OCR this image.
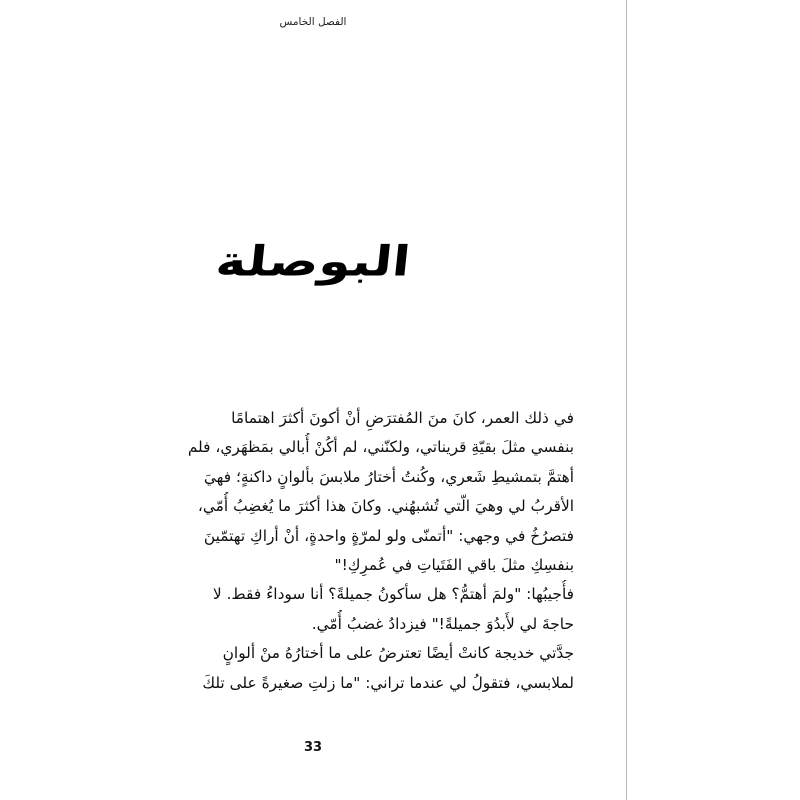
الفصل الخامس
البوصلة
في ذلك العمر، كانَ منَ المُفترَضِ أنْ أكونَ أكثرَ اهتمامًا
بنفسي مثلَ بقيّةِ قريناتي، ولكنّني، لم أكُنْ أُبالي بمَظهَري، فلم
أهتمَّ بتمشيطِ شَعري، وكُنتُ أختارُ ملابسَ بألوانٍ داكنةٍ؛ فهيَ
الأقربُ لي وهيَ الّتي تُشبهُني. وكانَ هذا أكثرَ ما يُغضِبُ أُمّي،
فتصرُخُ في وجهي: "أتمنّى ولو لمرّةٍ واحدةٍ، أنْ أراكِ تهتمّينَ
بنفسِكِ مثلَ باقي الفَتَياتِ في عُمرِكِ!"
فأُجيبُها: "ولمَ أهتمُّ؟ هل سأكونُ جميلةً؟ أنا سوداءُ فقط. لا
حاجةَ لي لأَبدُوَ جميلةً!" فيزدادُ غضبُ أُمّي.
جدَّتي خديجة كانتْ أيضًا تعترضُ على ما أختارُهُ منْ ألوانٍ
لملابسي، فتقولُ لي عندما تراني: "ما زلتِ صغيرةً على تلكَ
33
